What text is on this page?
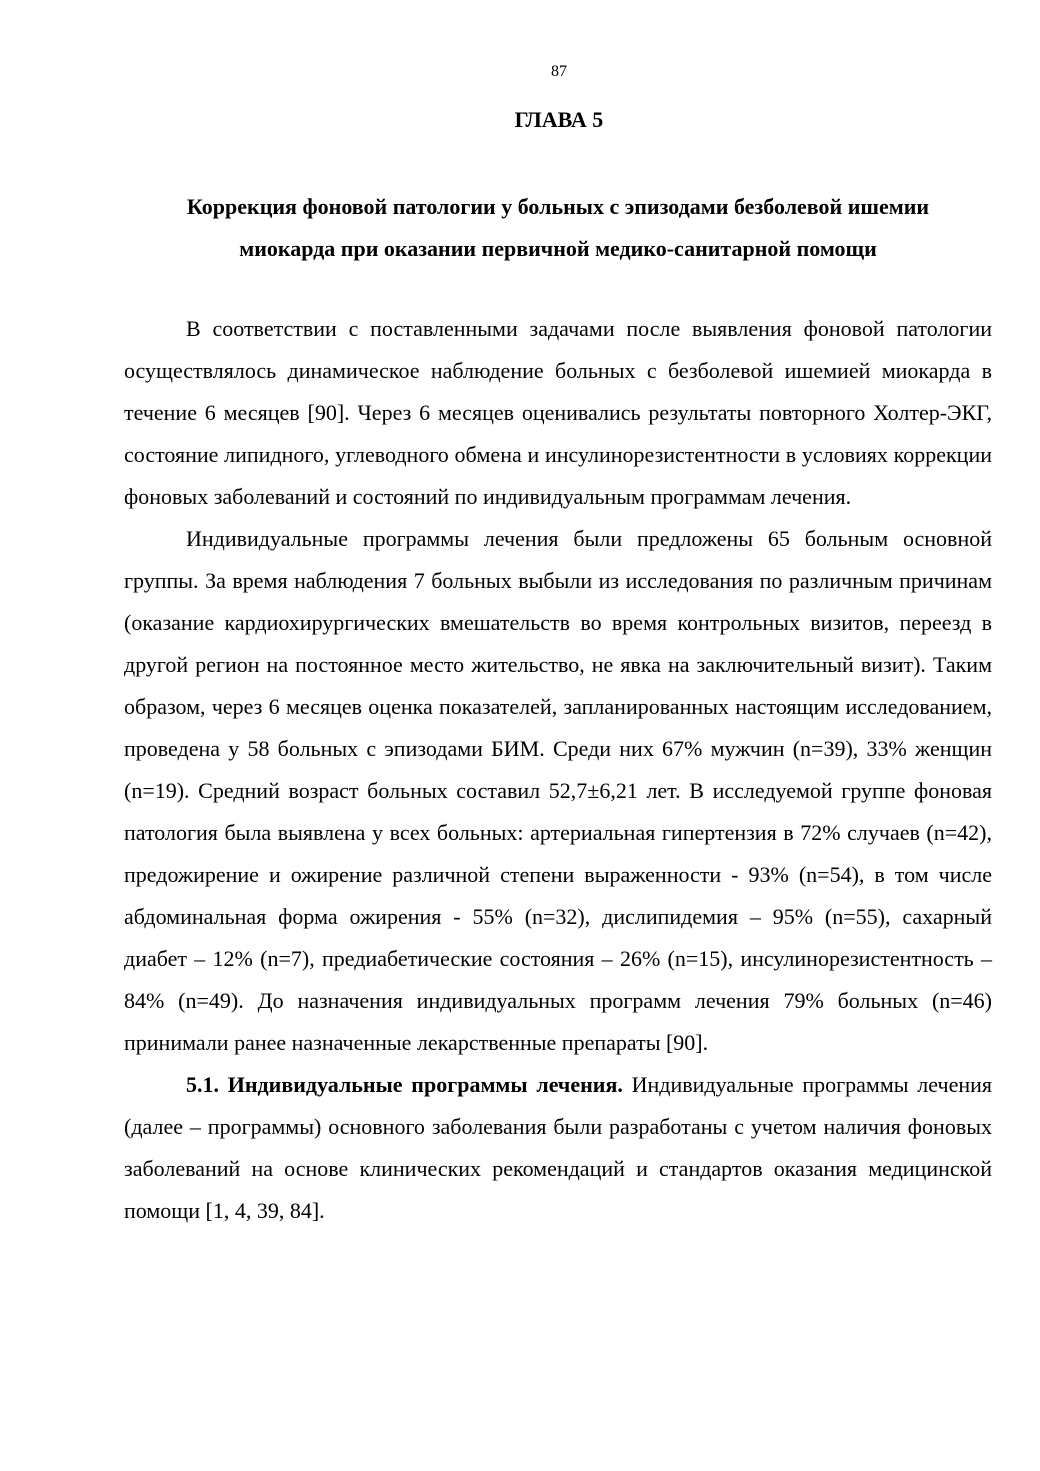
87
ГЛАВА 5
Коррекция фоновой патологии у больных с эпизодами безболевой ишемии
миокарда при оказании первичной медико-санитарной помощи

В соответствии с поставленными задачами после выявления фоновой патологии осуществлялось динамическое наблюдение больных с безболевой ишемией миокарда в течение 6 месяцев [90]. Через 6 месяцев оценивались результаты повторного Холтер-ЭКГ, состояние липидного, углеводного обмена и инсулинорезистентности в условиях коррекции фоновых заболеваний и состояний по индивидуальным программам лечения.

Индивидуальные программы лечения были предложены 65 больным основной группы. За время наблюдения 7 больных выбыли из исследования по различным причинам (оказание кардиохирургических вмешательств во время контрольных визитов, переезд в другой регион на постоянное место жительство, не явка на заключительный визит). Таким образом, через 6 месяцев оценка показателей, запланированных настоящим исследованием, проведена у 58 больных с эпизодами БИМ. Среди них 67% мужчин (n=39), 33% женщин (n=19). Средний возраст больных составил 52,7±6,21 лет. В исследуемой группе фоновая патология была выявлена у всех больных: артериальная гипертензия в 72% случаев (n=42), предожирение и ожирение различной степени выраженности - 93% (n=54), в том числе абдоминальная форма ожирения - 55% (n=32), дислипидемия – 95% (n=55), сахарный диабет – 12% (n=7), предиабетические состояния – 26% (n=15), инсулинорезистентность – 84% (n=49). До назначения индивидуальных программ лечения 79% больных (n=46) принимали ранее назначенные лекарственные препараты [90].

5.1. Индивидуальные программы лечения. Индивидуальные программы лечения (далее – программы) основного заболевания были разработаны с учетом наличия фоновых заболеваний на основе клинических рекомендаций и стандартов оказания медицинской помощи [1, 4, 39, 84].
